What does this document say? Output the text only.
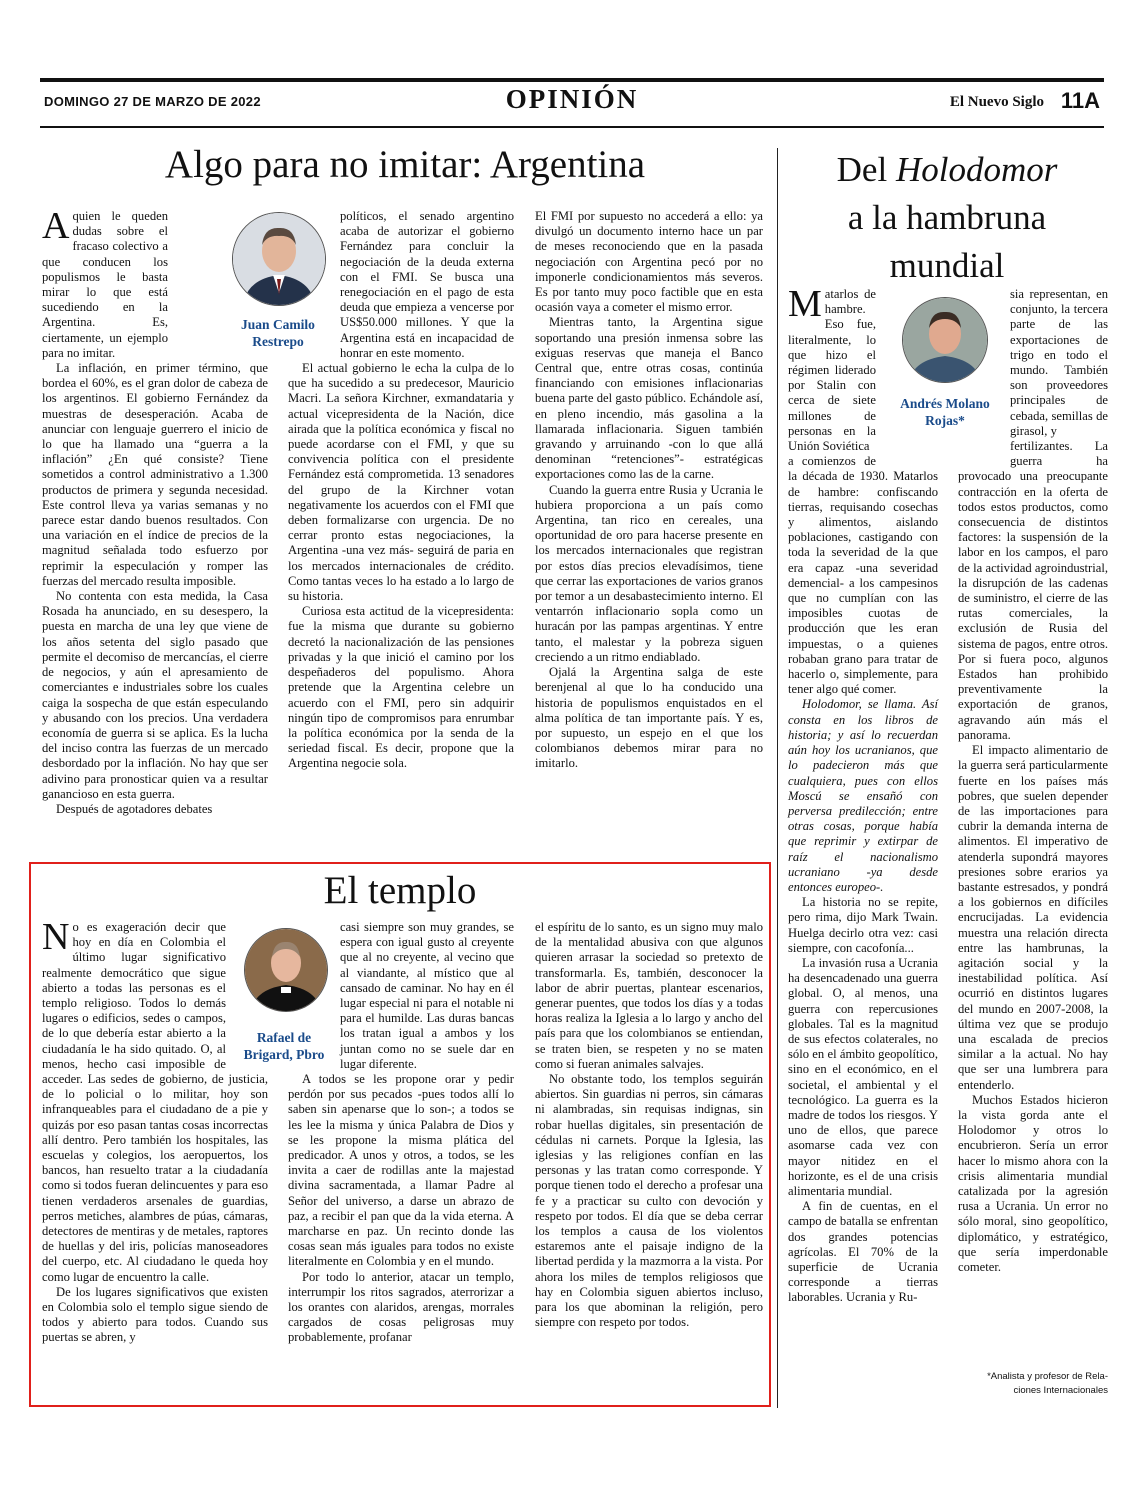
DOMINGO 27 DE MARZO DE 2022	OPINIÓN	El Nuevo Siglo 11A
Algo para no imitar: Argentina

Aquien le queden dudas sobre el fracaso colectivo a que conducen los populismos le basta mirar lo que está sucediendo en la Argentina. Es, ciertamente, un ejemplo para no imitar.

La inflación, en primer término, que bordea el 60%, es el gran dolor de cabeza de los argentinos. El gobierno Fernández da muestras de desesperación. Acaba de anunciar con lenguaje guerrero el inicio de lo que ha llamado una “guerra a la inflación” ¿En qué consiste? Tiene sometidos a control administrativo a 1.300 productos de primera y segunda necesidad. Este control lleva ya varias semanas y no parece estar dando buenos resultados. Con una variación en el índice de precios de la magnitud señalada todo esfuerzo por reprimir la especulación y romper las fuerzas del mercado resulta imposible.

No contenta con esta medida, la Casa Rosada ha anunciado, en su desespero, la puesta en marcha de una ley que viene de los años setenta del siglo pasado que permite el decomiso de mercancías, el cierre de negocios, y aún el apresamiento de comerciantes e industriales sobre los cuales caiga la sospecha de que están especulando y abusando con los precios. Una verdadera economía de guerra si se aplica. Es la lucha del inciso contra las fuerzas de un mercado desbordado por la inflación. No hay que ser adivino para pronosticar quien va a resultar ganancioso en esta guerra.

Después de agotadores debates

Juan Camilo
Restrepo

políticos, el senado argentino acaba de autorizar el gobierno Fernández para concluir la negociación de la deuda externa con el FMI. Se busca una renegociación en el pago de esta deuda que empieza a vencerse por US$50.000 millones. Y que la Argentina está en incapacidad de honrar en este momento.

El actual gobierno le echa la culpa de lo que ha sucedido a su predecesor, Mauricio Macri. La señora Kirchner, exmandataria y actual vicepresidenta de la Nación, dice airada que la política económica y fiscal no puede acordarse con el FMI, y que su convivencia política con el presidente Fernández está comprometida. 13 senadores del grupo de la Kirchner votan negativamente los acuerdos con el FMI que deben formalizarse con urgencia. De no cerrar pronto estas negociaciones, la Argentina -una vez más- seguirá de paria en los mercados internacionales de crédito. Como tantas veces lo ha estado a lo largo de su historia.

Curiosa esta actitud de la vicepresidenta: fue la misma que durante su gobierno decretó la nacionalización de las pensiones privadas y la que inició el camino por los despeñaderos del populismo. Ahora pretende que la Argentina celebre un acuerdo con el FMI, pero sin adquirir ningún tipo de compromisos para enrumbar la política económica por la senda de la seriedad fiscal. Es decir, propone que la Argentina negocie sola.

El FMI por supuesto no accederá a ello: ya divulgó un documento interno hace un par de meses reconociendo que en la pasada negociación con Argentina pecó por no imponerle condicionamientos más severos. Es por tanto muy poco factible que en esta ocasión vaya a cometer el mismo error.

Mientras tanto, la Argentina sigue soportando una presión inmensa sobre las exiguas reservas que maneja el Banco Central que, entre otras cosas, continúa financiando con emisiones inflacionarias buena parte del gasto público. Echándole así, en pleno incendio, más gasolina a la llamarada inflacionaria. Siguen también gravando y arruinando -con lo que allá denominan “retenciones”- estratégicas exportaciones como las de la carne.

Cuando la guerra entre Rusia y Ucrania le hubiera proporciona a un país como Argentina, tan rico en cereales, una oportunidad de oro para hacerse presente en los mercados internacionales que registran por estos días precios elevadísimos, tiene que cerrar las exportaciones de varios granos por temor a un desabastecimiento interno. El ventarrón inflacionario sopla como un huracán por las pampas argentinas. Y entre tanto, el malestar y la pobreza siguen creciendo a un ritmo endiablado.

Ojalá la Argentina salga de este berenjenal al que lo ha conducido una historia de populismos enquistados en el alma política de tan importante país. Y es, por supuesto, un espejo en el que los colombianos debemos mirar para no imitarlo.

El templo

No es exageración decir que hoy en día en Colombia el último lugar significativo realmente democrático que sigue abierto a todas las personas es el templo religioso. Todos lo demás lugares o edificios, sedes o campos, de lo que debería estar abierto a la ciudadanía le ha sido quitado. O, al menos, hecho casi imposible de acceder. Las sedes de gobierno, de justicia, de lo policial o lo militar, hoy son infranqueables para el ciudadano de a pie y quizás por eso pasan tantas cosas incorrectas allí dentro. Pero también los hospitales, las escuelas y colegios, los aeropuertos, los bancos, han resuelto tratar a la ciudadanía como si todos fueran delincuentes y para eso tienen verdaderos arsenales de guardias, perros metiches, alambres de púas, cámaras, detectores de mentiras y de metales, raptores de huellas y del iris, policías manoseadores del cuerpo, etc. Al ciudadano le queda hoy como lugar de encuentro la calle.

De los lugares significativos que existen en Colombia solo el templo sigue siendo de todos y abierto para todos. Cuando sus puertas se abren, y

Rafael de
Brigard, Pbro

casi siempre son muy grandes, se espera con igual gusto al creyente que al no creyente, al vecino que al viandante, al místico que al cansado de caminar. No hay en él lugar especial ni para el notable ni para el humilde. Las duras bancas los tratan igual a ambos y los juntan como no se suele dar en lugar diferente.

A todos se les propone orar y pedir perdón por sus pecados -pues todos allí lo saben sin apenarse que lo son-; a todos se les lee la misma y única Palabra de Dios y se les propone la misma plática del predicador. A unos y otros, a todos, se les invita a caer de rodillas ante la majestad divina sacramentada, a llamar Padre al Señor del universo, a darse un abrazo de paz, a recibir el pan que da la vida eterna. A marcharse en paz. Un recinto donde las cosas sean más iguales para todos no existe literalmente en Colombia y en el mundo.

Por todo lo anterior, atacar un templo, interrumpir los ritos sagrados, aterrorizar a los orantes con alaridos, arengas, morrales cargados de cosas peligrosas muy probablemente, profanar

el espíritu de lo santo, es un signo muy malo de la mentalidad abusiva con que algunos quieren arrasar la sociedad so pretexto de transformarla. Es, también, desconocer la labor de abrir puertas, plantear escenarios, generar puentes, que todos los días y a todas horas realiza la Iglesia a lo largo y ancho del país para que los colombianos se entiendan, se traten bien, se respeten y no se maten como si fueran animales salvajes.

No obstante todo, los templos seguirán abiertos. Sin guardias ni perros, sin cámaras ni alambradas, sin requisas indignas, sin robar huellas digitales, sin presentación de cédulas ni carnets. Porque la Iglesia, las iglesias y las religiones confían en las personas y las tratan como corresponde. Y porque tienen todo el derecho a profesar una fe y a practicar su culto con devoción y respeto por todos. El día que se deba cerrar los templos a causa de los violentos estaremos ante el paisaje indigno de la libertad perdida y la mazmorra a la vista. Por ahora los miles de templos religiosos que hay en Colombia siguen abiertos incluso, para los que abominan la religión, pero siempre con respeto por todos.

Del Holodomor
a la hambruna
mundial

Matarlos de hambre. Eso fue, literalmente, lo que hizo el régimen liderado por Stalin con cerca de siete millones de personas en la Unión Soviética

a comienzos de la década de 1930. Matarlos de hambre: confiscando tierras, requisando cosechas y alimentos, aislando poblaciones, castigando con toda la severidad de la que era capaz -una severidad demencial- a los campesinos que no cumplían con las imposibles cuotas de producción que les eran impuestas, o a quienes robaban grano para tratar de hacerlo o, simplemente, para tener algo qué comer.

Holodomor, se llama. Así consta en los libros de historia; y así lo recuerdan aún hoy los ucranianos, que lo padecieron más que cualquiera, pues con ellos Moscú se ensañó con perversa predilección; entre otras cosas, porque había que reprimir y extirpar de raíz el nacionalismo ucraniano -ya desde entonces europeo-.

La historia no se repite, pero rima, dijo Mark Twain. Huelga decirlo otra vez: casi siempre, con cacofonía...

La invasión rusa a Ucrania ha desencadenado una guerra global. O, al menos, una guerra con repercusiones globales. Tal es la magnitud de sus efectos colaterales, no sólo en el ámbito geopolítico, sino en el económico, en el societal, el ambiental y el tecnológico. La guerra es la madre de todos los riesgos. Y uno de ellos, que parece asomarse cada vez con mayor nitidez en el horizonte, es el de una crisis alimentaria mundial.

A fin de cuentas, en el campo de batalla se enfrentan dos grandes potencias agrícolas. El 70% de la superficie de Ucrania corresponde a tierras laborables. Ucrania y Ru-

Andrés Molano
Rojas*

sia representan, en conjunto, la tercera parte de las exportaciones de trigo en todo el mundo. También son proveedores principales de cebada, semillas de girasol, y

fertilizantes. La guerra ha provocado una preocupante contracción en la oferta de todos estos productos, como consecuencia de distintos factores: la suspensión de la labor en los campos, el paro de la actividad agroindustrial, la disrupción de las cadenas de suministro, el cierre de las rutas comerciales, la exclusión de Rusia del sistema de pagos, entre otros. Por si fuera poco, algunos Estados han prohibido preventivamente la exportación de granos, agravando aún más el panorama.

El impacto alimentario de la guerra será particularmente fuerte en los países más pobres, que suelen depender de las importaciones para cubrir la demanda interna de alimentos. El imperativo de atenderla supondrá mayores presiones sobre erarios ya bastante estresados, y pondrá a los gobiernos en difíciles encrucijadas. La evidencia muestra una relación directa entre las hambrunas, la agitación social y la inestabilidad política. Así ocurrió en distintos lugares del mundo en 2007-2008, la última vez que se produjo una escalada de precios similar a la actual. No hay que ser una lumbrera para entenderlo.

Muchos Estados hicieron la vista gorda ante el Holodomor y otros lo encubrieron. Sería un error hacer lo mismo ahora con la crisis alimentaria mundial catalizada por la agresión rusa a Ucrania. Un error no sólo moral, sino geopolítico, diplomático, y estratégico, que sería imperdonable cometer.

*Analista y profesor de Rela-
ciones Internacionales
